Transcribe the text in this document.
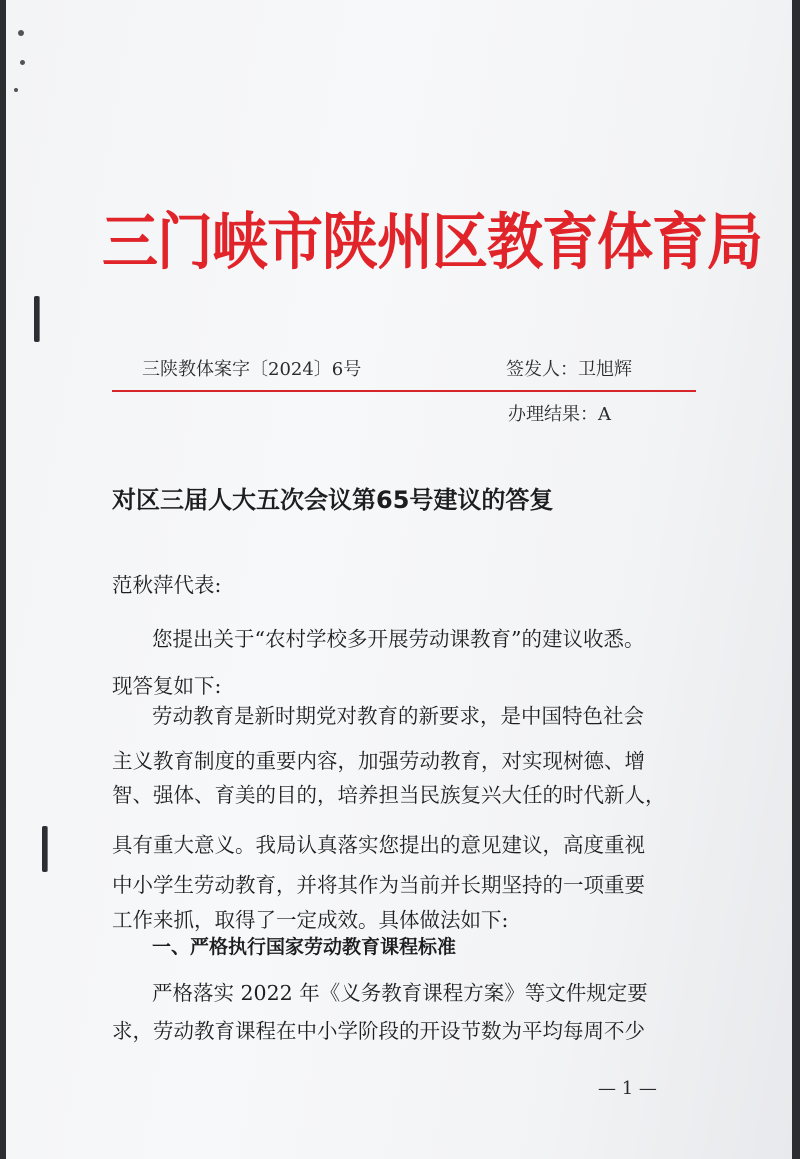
三门峡市陕州区教育体育局
三陕教体案字〔2024〕6号	签发人：卫旭辉
办理结果：A
对区三届人大五次会议第65号建议的答复
范秋萍代表:
您提出关于“农村学校多开展劳动课教育”的建议收悉。
现答复如下:
劳动教育是新时期党对教育的新要求，是中国特色社会
主义教育制度的重要内容，加强劳动教育，对实现树德、增
智、强体、育美的目的，培养担当民族复兴大任的时代新人，
具有重大意义。我局认真落实您提出的意见建议，高度重视
中小学生劳动教育，并将其作为当前并长期坚持的一项重要
工作来抓，取得了一定成效。具体做法如下:
一、严格执行国家劳动教育课程标准
严格落实 2022 年《义务教育课程方案》等文件规定要
求，劳动教育课程在中小学阶段的开设节数为平均每周不少
— 1 —
